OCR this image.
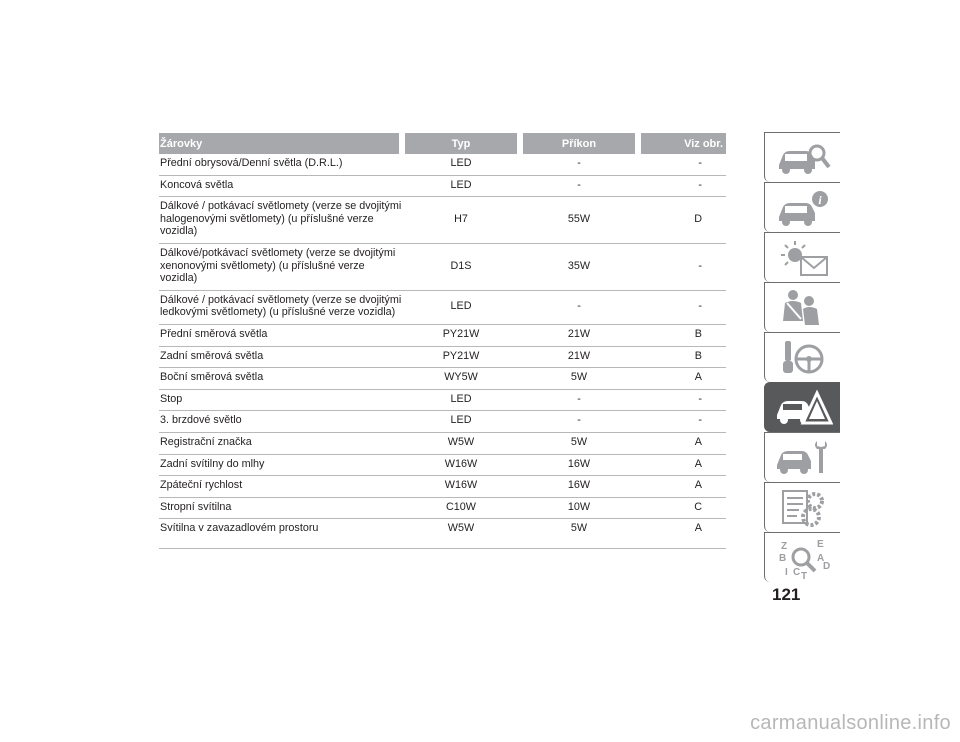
Žárovky	Typ	Příkon	Viz obr.
Přední obrysová/Denní světla (D.R.L.)	LED	-	-
Koncová světla	LED	-	-
Dálkové / potkávací světlomety (verze se dvojitými halogenovými světlomety) (u příslušné verze vozidla)	H7	55W	D
Dálkové/potkávací světlomety (verze se dvojitými xenonovými světlomety) (u příslušné verze vozidla)	D1S	35W	-
Dálkové / potkávací světlomety (verze se dvojitými ledkovými světlomety) (u příslušné verze vozidla)	LED	-	-
Přední směrová světla	PY21W	21W	B
Zadní směrová světla	PY21W	21W	B
Boční směrová světla	WY5W	5W	A
Stop	LED	-	-
3. brzdové světlo	LED	-	-
Registrační značka	W5W	5W	A
Zadní svítilny do mlhy	W16W	16W	A
Zpáteční rychlost	W16W	16W	A
Stropní svítilna	C10W	10W	C
Svítilna v zavazadlovém prostoru	W5W	5W	A
i
Z	E
B	A
D
I C T
121
carmanualsonline.info
